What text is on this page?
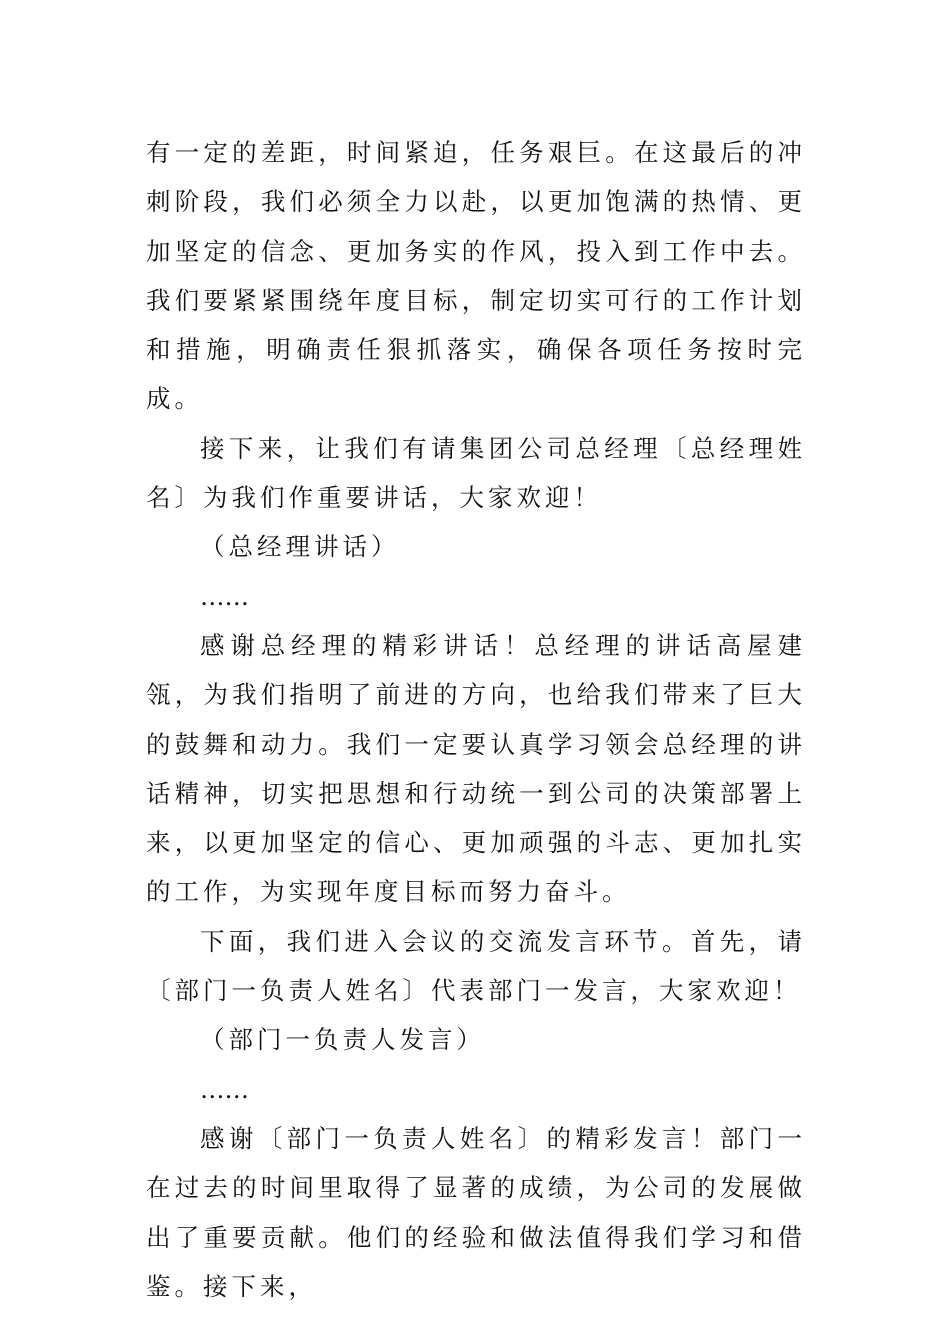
有一定的差距，时间紧迫，任务艰巨。在这最后的冲刺阶段，我们必须全力以赴，以更加饱满的热情、更加坚定的信念、更加务实的作风，投入到工作中去。我们要紧紧围绕年度目标，制定切实可行的工作计划和措施，明确责任狠抓落实，确保各项任务按时完成。

接下来，让我们有请集团公司总经理〔总经理姓名〕为我们作重要讲话，大家欢迎！

（总经理讲话）

……

感谢总经理的精彩讲话！总经理的讲话高屋建瓴，为我们指明了前进的方向，也给我们带来了巨大的鼓舞和动力。我们一定要认真学习领会总经理的讲话精神，切实把思想和行动统一到公司的决策部署上来，以更加坚定的信心、更加顽强的斗志、更加扎实的工作，为实现年度目标而努力奋斗。

下面，我们进入会议的交流发言环节。首先，请〔部门一负责人姓名〕代表部门一发言，大家欢迎！

（部门一负责人发言）

……

感谢〔部门一负责人姓名〕的精彩发言！部门一在过去的时间里取得了显著的成绩，为公司的发展做出了重要贡献。他们的经验和做法值得我们学习和借鉴。接下来，
